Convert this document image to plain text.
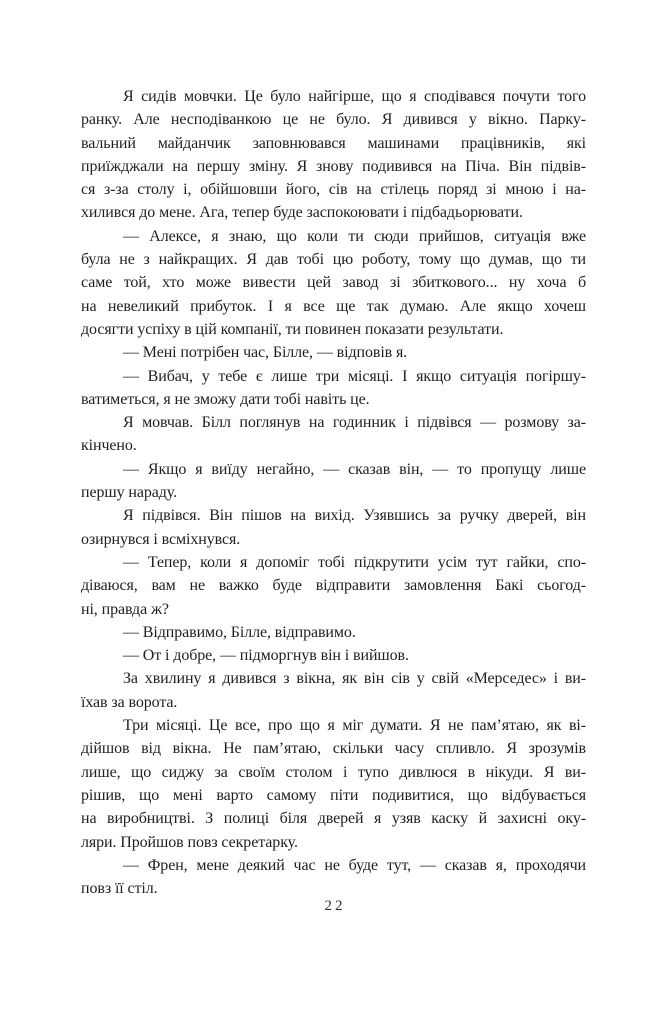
Я сидів мовчки. Це було найгірше, що я сподівався почути того
ранку. Але несподіванкою це не було. Я дивився у вікно. Парку-
вальний майданчик заповнювався машинами працівників, які
приїжджали на першу зміну. Я знову подивився на Піча. Він підвів-
ся з-за столу і, обійшовши його, сів на стілець поряд зі мною і на-
хилився до мене. Ага, тепер буде заспокоювати і підбадьорювати.
— Алексе, я знаю, що коли ти сюди прийшов, ситуація вже
була не з найкращих. Я дав тобі цю роботу, тому що думав, що ти
саме той, хто може вивести цей завод зі збиткового... ну хоча б
на невеликий прибуток. І я все ще так думаю. Але якщо хочеш
досягти успіху в цій компанії, ти повинен показати результати.
— Мені потрібен час, Білле, — відповів я.
— Вибач, у тебе є лише три місяці. І якщо ситуація погіршу-
ватиметься, я не зможу дати тобі навіть це.
Я мовчав. Білл поглянув на годинник і підвівся — розмову за-
кінчено.
— Якщо я виїду негайно, — сказав він, — то пропущу лише
першу нараду.
Я підвівся. Він пішов на вихід. Узявшись за ручку дверей, він
озирнувся і всміхнувся.
— Тепер, коли я допоміг тобі підкрутити усім тут гайки, спо-
діваюся, вам не важко буде відправити замовлення Бакі сьогод-
ні, правда ж?
— Відправимо, Білле, відправимо.
— От і добре, — підморгнув він і вийшов.
За хвилину я дивився з вікна, як він сів у свій «Мерседес» і ви-
їхав за ворота.
Три місяці. Це все, про що я міг думати. Я не пам’ятаю, як ві-
дійшов від вікна. Не пам’ятаю, скільки часу спливло. Я зрозумів
лише, що сиджу за своїм столом і тупо дивлюся в нікуди. Я ви-
рішив, що мені варто самому піти подивитися, що відбувається
на виробництві. З полиці біля дверей я узяв каску й захисні оку-
ляри. Пройшов повз секретарку.
— Френ, мене деякий час не буде тут, — сказав я, проходячи
повз її стіл.
22
